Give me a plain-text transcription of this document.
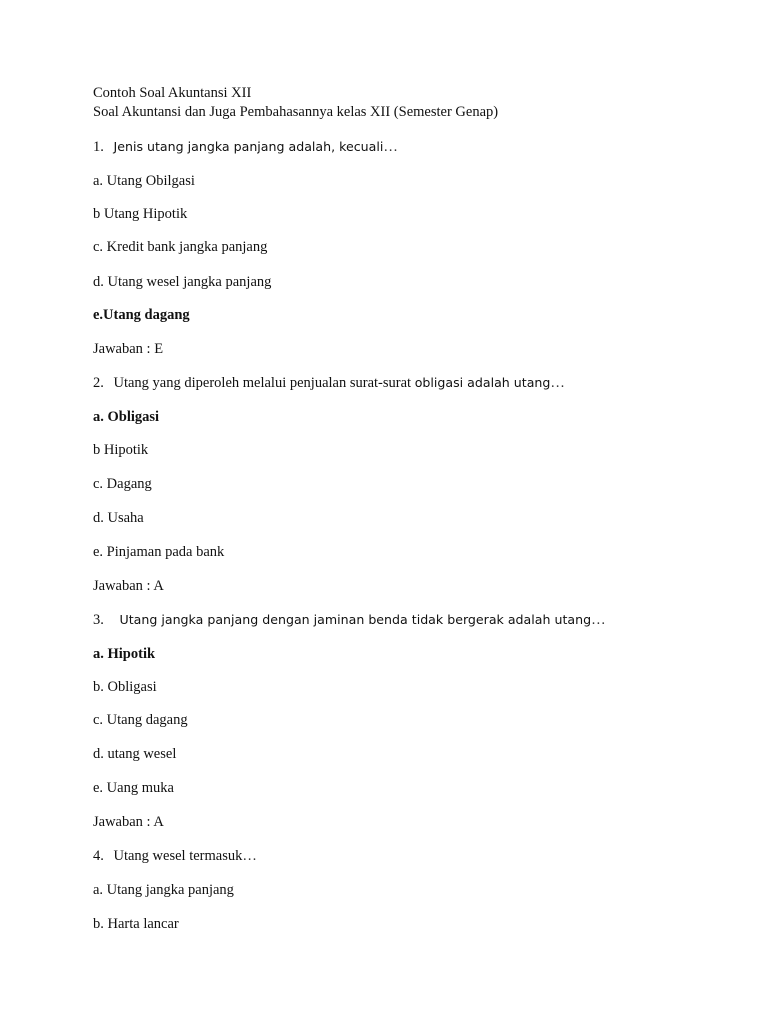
Contoh Soal Akuntansi XII
Soal Akuntansi dan Juga Pembahasannya kelas XII (Semester Genap)
1. Jenis utang jangka panjang adalah, kecuali…
a. Utang Obilgasi
b Utang Hipotik
c. Kredit bank jangka panjang
d. Utang wesel jangka panjang
e.Utang dagang
Jawaban : E
2. Utang yang diperoleh melalui penjualan surat-surat obligasi adalah utang…
a. Obligasi
b Hipotik
c. Dagang
d. Usaha
e. Pinjaman pada bank
Jawaban : A
3. Utang jangka panjang dengan jaminan benda tidak bergerak adalah utang…
a. Hipotik
b. Obligasi
c. Utang dagang
d. utang wesel
e. Uang muka
Jawaban : A
4. Utang wesel termasuk…
a. Utang jangka panjang
b. Harta lancar
